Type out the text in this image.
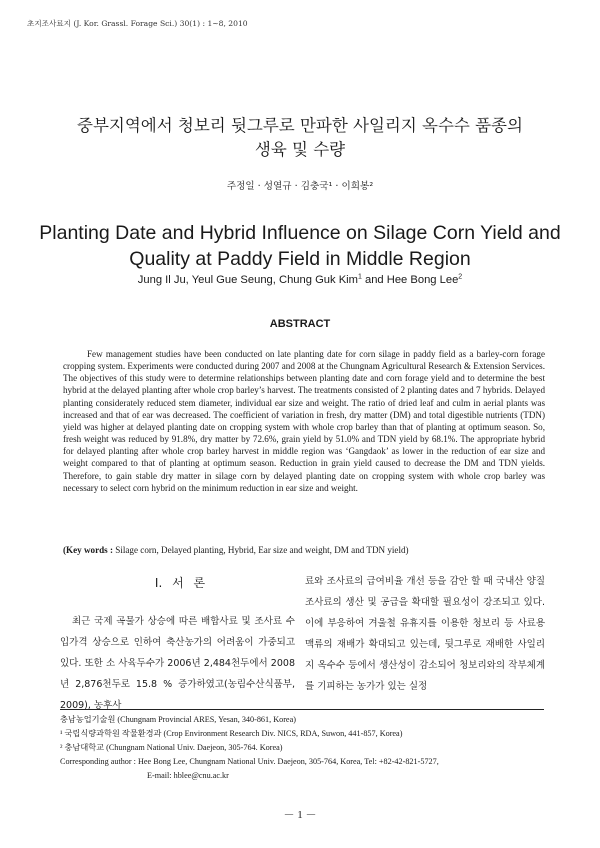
초지조사료지 (J. Kor. Grassl. Forage Sci.) 30(1) : 1~8, 2010
중부지역에서 청보리 뒷그루로 만파한 사일리지 옥수수 품종의
생육 및 수량
주정일 · 성열규 · 김충국¹ · 이희봉²
Planting Date and Hybrid Influence on Silage Corn Yield and
Quality at Paddy Field in Middle Region
Jung Il Ju, Yeul Gue Seung, Chung Guk Kim$^1$ and Hee Bong Lee$^2$
ABSTRACT

Few management studies have been conducted on late planting date for corn silage in paddy field as a barley-corn forage cropping system. Experiments were conducted during 2007 and 2008 at the Chungnam Agricultural Research & Extension Services. The objectives of this study were to determine relationships between planting date and corn forage yield and to determine the best hybrid at the delayed planting after whole crop barley’s harvest. The treatments consisted of 2 planting dates and 7 hybrids. Delayed planting considerately reduced stem diameter, individual ear size and weight. The ratio of dried leaf and culm in aerial plants was increased and that of ear was decreased. The coefficient of variation in fresh, dry matter (DM) and total digestible nutrients (TDN) yield was higher at delayed planting date on cropping system with whole crop barley than that of planting at optimum season. So, fresh weight was reduced by 91.8%, dry matter by 72.6%, grain yield by 51.0% and TDN yield by 68.1%. The appropriate hybrid for delayed planting after whole crop barley harvest in middle region was ‘Gangdaok’ as lower in the reduction of ear size and weight compared to that of planting at optimum season. Reduction in grain yield caused to decrease the DM and TDN yields. Therefore, to gain stable dry matter in silage corn by delayed planting date on cropping system with whole crop barley was necessary to select corn hybrid on the minimum reduction in ear size and weight.

(Key words : Silage corn, Delayed planting, Hybrid, Ear size and weight, DM and TDN yield)

Ⅰ. 서 론

최근 국제 곡물가 상승에 따른 배합사료 및 조사료 수입가격 상승으로 인하여 축산농가의 어려움이 가중되고 있다. 또한 소 사육두수가 2006년 2,484천두에서 2008년 2,876천두로 15.8 % 증가하였고(농림수산식품부, 2009), 농후사

료와 조사료의 급여비율 개선 등을 감안 할 때 국내산 양질 조사료의 생산 및 공급을 확대할 필요성이 강조되고 있다. 이에 부응하여 겨울철 유휴지를 이용한 청보리 등 사료용 맥류의 재배가 확대되고 있는데, 뒷그루로 재배한 사일리지 옥수수 등에서 생산성이 감소되어 청보리와의 작부체계를 기피하는 농가가 있는 실정

충남농업기술원 (Chungnam Provincial ARES, Yesan, 340-861, Korea)
¹ 국립식량과학원 작물환경과 (Crop Environment Research Div. NICS, RDA, Suwon, 441-857, Korea)
² 충남대학교 (Chungnam National Univ. Daejeon, 305-764. Korea)
Corresponding author : Hee Bong Lee, Chungnam National Univ. Daejeon, 305-764, Korea, Tel: +82-42-821-5727,
E-mail: hblee@cnu.ac.kr
－ 1 －
